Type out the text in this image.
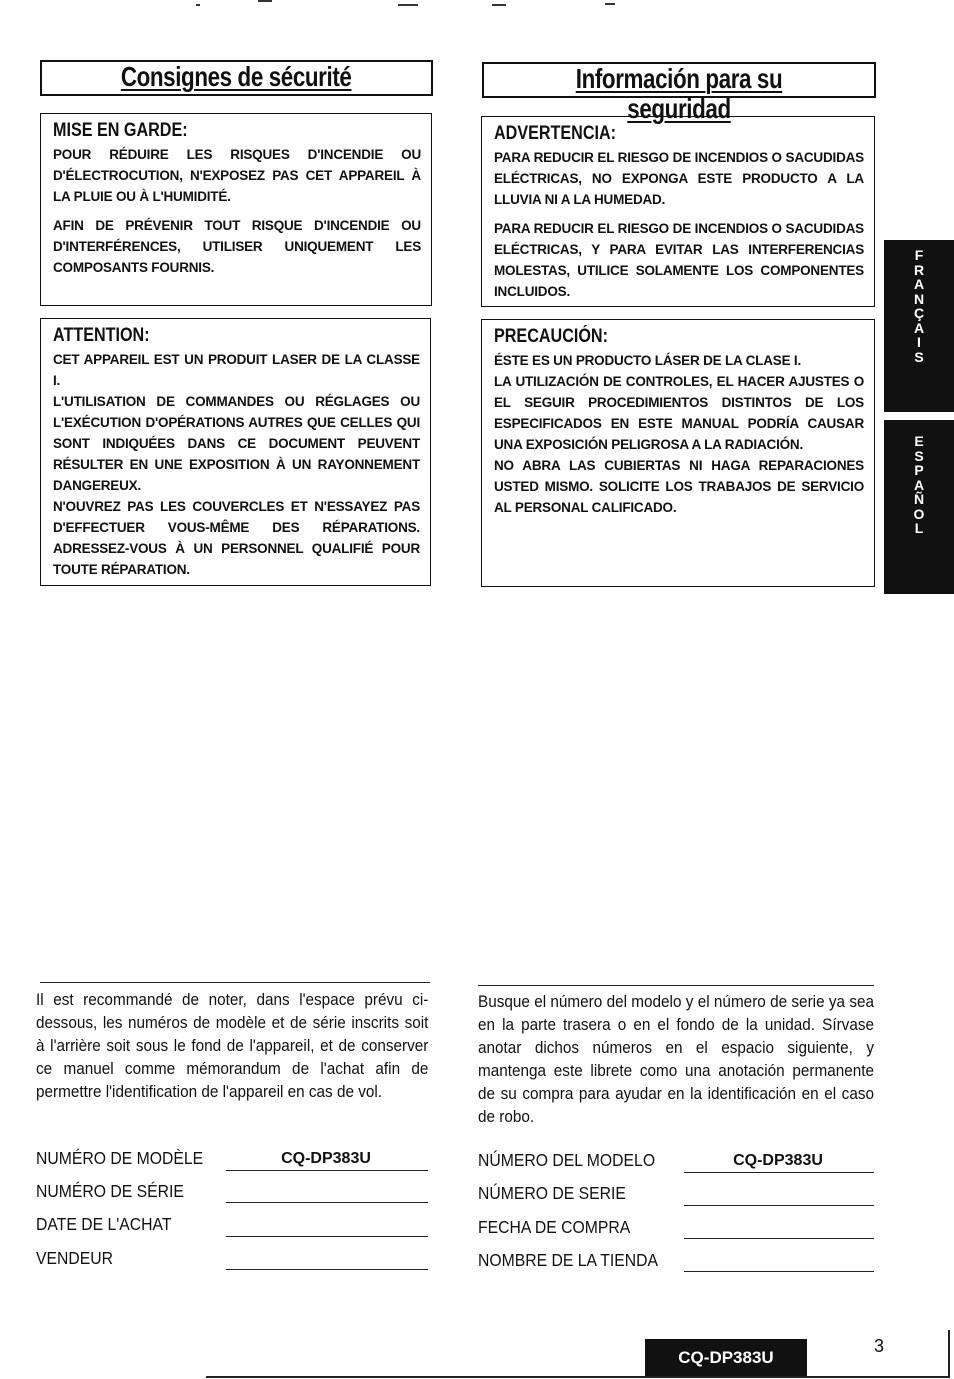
Consignes de sécurité
MISE EN GARDE:

POUR RÉDUIRE LES RISQUES D'INCENDIE OU D'ÉLECTROCUTION, N'EXPOSEZ PAS CET APPAREIL À LA PLUIE OU À L'HUMIDITÉ.

AFIN DE PRÉVENIR TOUT RISQUE D'INCENDIE OU D'INTERFÉRENCES, UTILISER UNIQUEMENT LES COMPOSANTS FOURNIS.

ATTENTION:

CET APPAREIL EST UN PRODUIT LASER DE LA CLASSE I.

L'UTILISATION DE COMMANDES OU RÉGLAGES OU L'EXÉCUTION D'OPÉRATIONS AUTRES QUE CELLES QUI SONT INDIQUÉES DANS CE DOCUMENT PEUVENT RÉSULTER EN UNE EXPOSITION À UN RAYONNEMENT DANGEREUX.

N'OUVREZ PAS LES COUVERCLES ET N'ESSAYEZ PAS D'EFFECTUER VOUS-MÊME DES RÉPARATIONS. ADRESSEZ-VOUS À UN PERSONNEL QUALIFIÉ POUR TOUTE RÉPARATION.

Información para su seguridad
ADVERTENCIA:

PARA REDUCIR EL RIESGO DE INCENDIOS O SACUDIDAS ELÉCTRICAS, NO EXPONGA ESTE PRODUCTO A LA LLUVIA NI A LA HUMEDAD.

PARA REDUCIR EL RIESGO DE INCENDIOS O SACUDIDAS ELÉCTRICAS, Y PARA EVITAR LAS INTERFERENCIAS MOLESTAS, UTILICE SOLAMENTE LOS COMPONENTES INCLUIDOS.

PRECAUCIÓN:

ÉSTE ES UN PRODUCTO LÁSER DE LA CLASE I.

LA UTILIZACIÓN DE CONTROLES, EL HACER AJUSTES O EL SEGUIR PROCEDIMIENTOS DISTINTOS DE LOS ESPECIFICADOS EN ESTE MANUAL PODRÍA CAUSAR UNA EXPOSICIÓN PELIGROSA A LA RADIACIÓN.

NO ABRA LAS CUBIERTAS NI HAGA REPARACIONES USTED MISMO. SOLICITE LOS TRABAJOS DE SERVICIO AL PERSONAL CALIFICADO.

F
R
A
N
Ç
A
I
S
E
S
P
A
Ñ
O
L
Il est recommandé de noter, dans l'espace prévu ci-dessous, les numéros de modèle et de série inscrits soit à l'arrière soit sous le fond de l'appareil, et de conserver ce manuel comme mémorandum de l'achat afin de permettre l'identification de l'appareil en cas de vol.
NUMÉRO DE MODÈLE	CQ-DP383U
NUMÉRO DE SÉRIE
DATE DE L'ACHAT
VENDEUR
Busque el número del modelo y el número de serie ya sea en la parte trasera o en el fondo de la unidad. Sírvase anotar dichos números en el espacio siguiente, y mantenga este librete como una anotación permanente de su compra para ayudar en la identificación en el caso de robo.
NÚMERO DEL MODELO	CQ-DP383U
NÚMERO DE SERIE
FECHA DE COMPRA
NOMBRE DE LA TIENDA
CQ-DP383U
3
